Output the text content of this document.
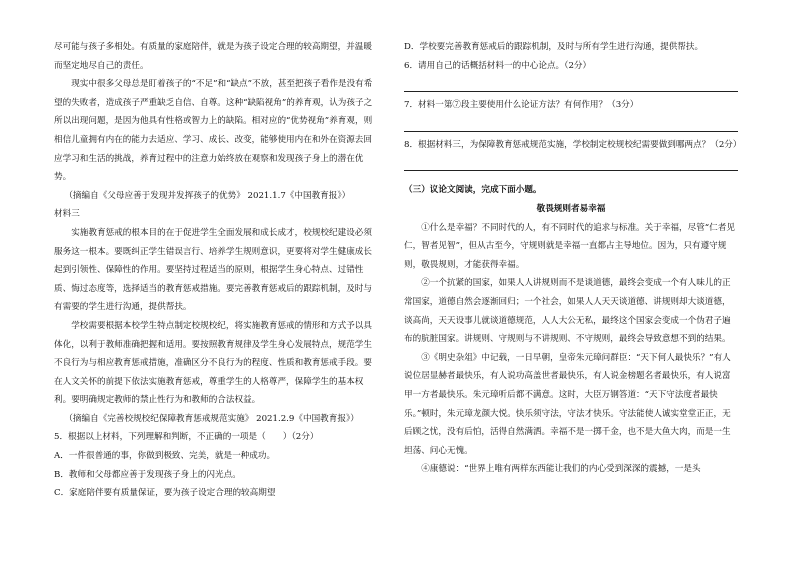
尽可能与孩子多相处。有质量的家庭陪伴，就是为孩子设定合理的较高期望，并温暖而坚定地尽自己的责任。

现实中很多父母总是盯着孩子的“不足”和“缺点”不放，甚至把孩子看作是没有希望的失败者，造成孩子严重缺乏自信、自尊。这种“缺陷视角”的养育观，认为孩子之所以出现问题，是因为他具有性格或智力上的缺陷。相对应的“优势视角”养育观，则相信儿童拥有内在的能力去适应、学习、成长、改变，能够使用内在和外在资源去回应学习和生活的挑战，养育过程中的注意力始终放在观察和发现孩子身上的潜在优势。

（摘编自《父母应善于发现并发挥孩子的优势》 2021.1.7《中国教育报》）

材料三

实施教育惩戒的根本目的在于促进学生全面发展和成长成才，校规校纪建设必须服务这一根本。要既纠正学生错误言行、培养学生规则意识，更要将对学生健康成长起到引领性、保障性的作用。要坚持过程适当的原则，根据学生身心特点、过错性质、悔过态度等，选择适当的教育惩戒措施。要完善教育惩戒后的跟踪机制，及时与有需要的学生进行沟通，提供帮扶。

学校需要根据本校学生特点制定校规校纪，将实施教育惩戒的情形和方式予以具体化，以利于教师准确把握和适用。要按照教育规律及学生身心发展特点，规范学生不良行为与相应教育惩戒措施，准确区分不良行为的程度、性质和教育惩戒手段。要在人文关怀的前提下依法实施教育惩戒，尊重学生的人格尊严，保障学生的基本权利。要明确规定教师的禁止性行为和教师的合法权益。

（摘编自《完善校规校纪保障教育惩戒规范实施》 2021.2.9《中国教育报》）

5．根据以上材料，下列理解和判断，不正确的一项是（　　）（2分）

A．一件很普通的事，你做到极致、完美，就是一种成功。

B．教师和父母都应善于发现孩子身上的闪光点。

C．家庭陪伴要有质量保证，要为孩子设定合理的较高期望

D．学校要完善教育惩戒后的跟踪机制，及时与所有学生进行沟通，提供帮扶。

6．请用自己的话概括材料一的中心论点。（2分）

7．材料一第⑦段主要使用什么论证方法？有何作用？（3分）

8．根据材料三，为保障教育惩戒规范实施，学校制定校规校纪需要做到哪两点？（2分）

（三）议论文阅读，完成下面小题。

敬畏规则者易幸福

①什么是幸福？不同时代的人，有不同时代的追求与标准。关于幸福，尽管“仁者见仁，智者见智”，但从古至今，守规则就是幸福一直都占主导地位。因为，只有遵守规则，敬畏规则，才能获得幸福。

②一个抗紧的国家，如果人人讲规则而不是谈道德，最终会变成一个有人味儿的正常国家，道德自然会逐渐回归；一个社会，如果人人天天谈道德、讲规则却大谈道德，谈高尚，天天设事儿就谈道德规范，人人大公无私，最终这个国家会变成一个伪君子遍布的肮脏国家。讲规则、守规则与不讲规则、不守规则，最终会导致意想不到的结果。

③《明史杂俎》中记载，一日早朝，皇帝朱元璋问群臣：“天下何人最快乐？”有人说位居显赫者最快乐，有人说功高盖世者最快乐，有人说金榜题名者最快乐，有人说富甲一方者最快乐。朱元璋听后都不满意。这时，大臣万钢答道：“天下守法度者最快乐。”顿时，朱元璋龙颜大悦。快乐须守法，守法才快乐。守法能使人诚实堂堂正正，无后顾之忧，没有后怕，活得自然满洒。幸福不是一掷千金，也不是大鱼大肉，而是一生坦荡、问心无愧。

④康德说：“世界上唯有两样东西能让我们的内心受到深深的震撼，一是头
